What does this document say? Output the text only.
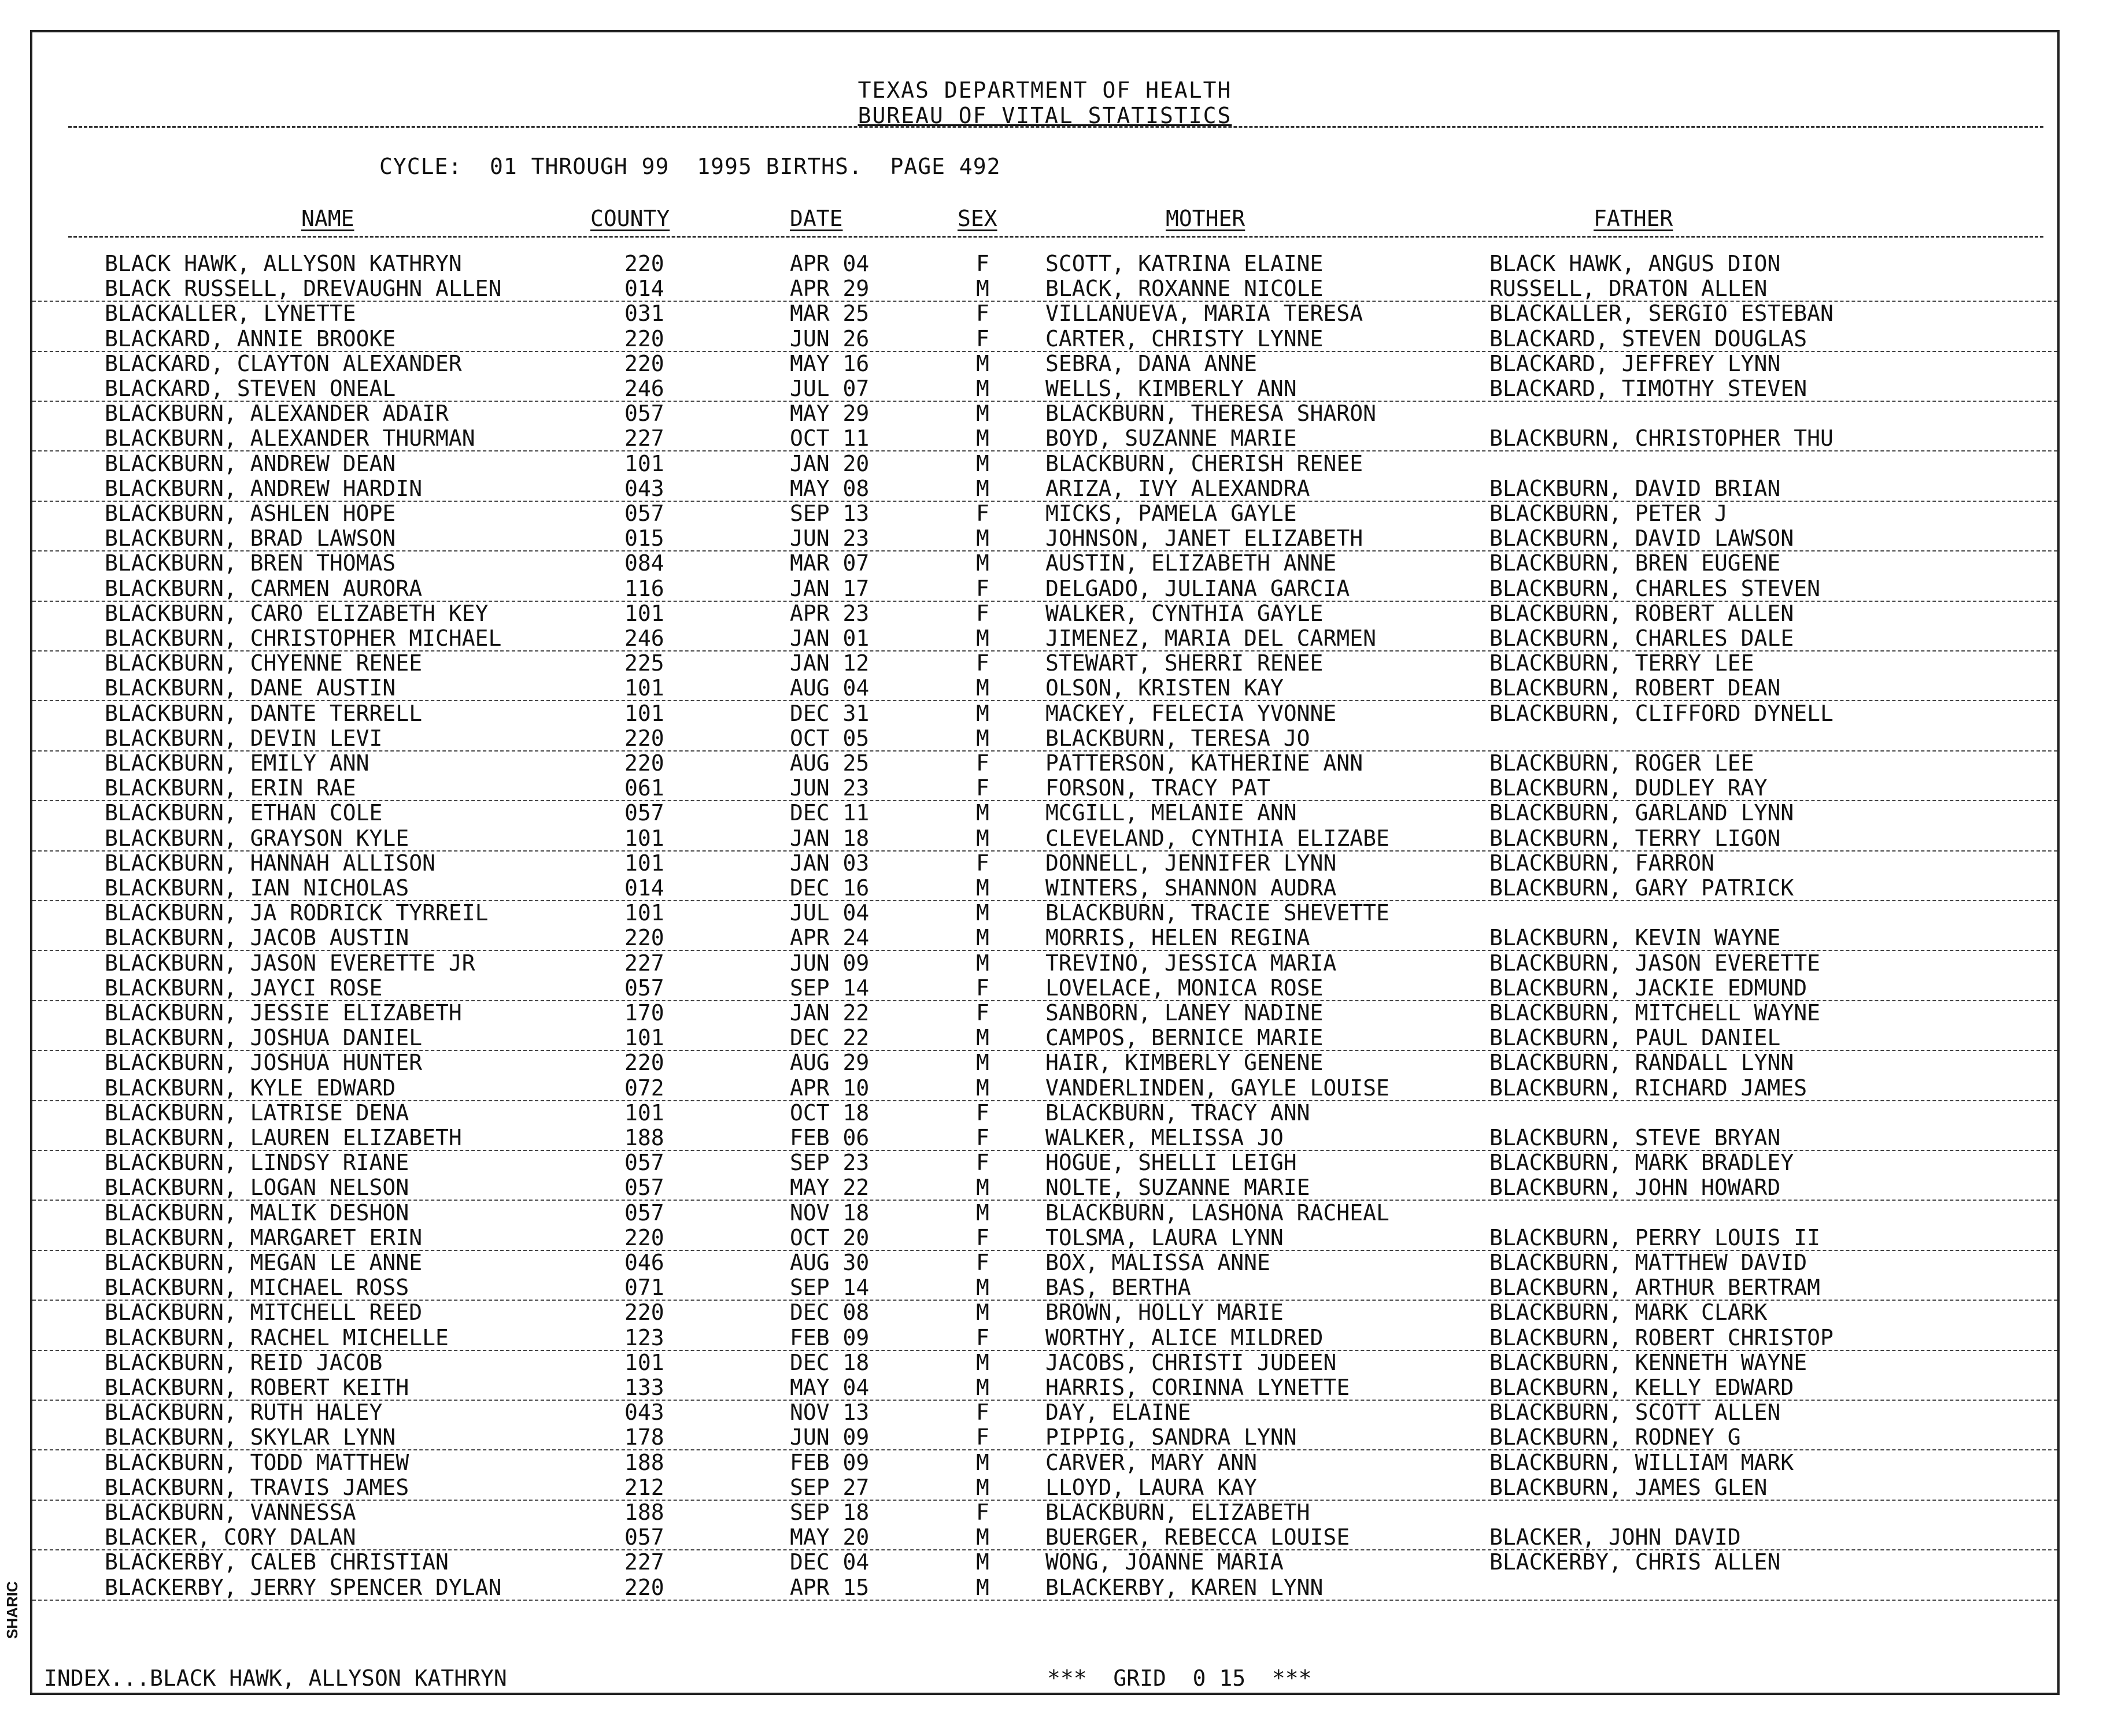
SHARIC
TEXAS DEPARTMENT OF HEALTH
BUREAU OF VITAL STATISTICS
CYCLE:  01 THROUGH 99  1995 BIRTHS.  PAGE 492
NAME	COUNTY	DATE	SEX	MOTHER	FATHER
BLACK HAWK, ALLYSON KATHRYN	220	APR 04	F	SCOTT, KATRINA ELAINE	BLACK HAWK, ANGUS DION
BLACK RUSSELL, DREVAUGHN ALLEN	014	APR 29	M	BLACK, ROXANNE NICOLE	RUSSELL, DRATON ALLEN
BLACKALLER, LYNETTE	031	MAR 25	F	VILLANUEVA, MARIA TERESA	BLACKALLER, SERGIO ESTEBAN
BLACKARD, ANNIE BROOKE	220	JUN 26	F	CARTER, CHRISTY LYNNE	BLACKARD, STEVEN DOUGLAS
BLACKARD, CLAYTON ALEXANDER	220	MAY 16	M	SEBRA, DANA ANNE	BLACKARD, JEFFREY LYNN
BLACKARD, STEVEN ONEAL	246	JUL 07	M	WELLS, KIMBERLY ANN	BLACKARD, TIMOTHY STEVEN
BLACKBURN, ALEXANDER ADAIR	057	MAY 29	M	BLACKBURN, THERESA SHARON
BLACKBURN, ALEXANDER THURMAN	227	OCT 11	M	BOYD, SUZANNE MARIE	BLACKBURN, CHRISTOPHER THU
BLACKBURN, ANDREW DEAN	101	JAN 20	M	BLACKBURN, CHERISH RENEE
BLACKBURN, ANDREW HARDIN	043	MAY 08	M	ARIZA, IVY ALEXANDRA	BLACKBURN, DAVID BRIAN
BLACKBURN, ASHLEN HOPE	057	SEP 13	F	MICKS, PAMELA GAYLE	BLACKBURN, PETER J
BLACKBURN, BRAD LAWSON	015	JUN 23	M	JOHNSON, JANET ELIZABETH	BLACKBURN, DAVID LAWSON
BLACKBURN, BREN THOMAS	084	MAR 07	M	AUSTIN, ELIZABETH ANNE	BLACKBURN, BREN EUGENE
BLACKBURN, CARMEN AURORA	116	JAN 17	F	DELGADO, JULIANA GARCIA	BLACKBURN, CHARLES STEVEN
BLACKBURN, CARO ELIZABETH KEY	101	APR 23	F	WALKER, CYNTHIA GAYLE	BLACKBURN, ROBERT ALLEN
BLACKBURN, CHRISTOPHER MICHAEL	246	JAN 01	M	JIMENEZ, MARIA DEL CARMEN	BLACKBURN, CHARLES DALE
BLACKBURN, CHYENNE RENEE	225	JAN 12	F	STEWART, SHERRI RENEE	BLACKBURN, TERRY LEE
BLACKBURN, DANE AUSTIN	101	AUG 04	M	OLSON, KRISTEN KAY	BLACKBURN, ROBERT DEAN
BLACKBURN, DANTE TERRELL	101	DEC 31	M	MACKEY, FELECIA YVONNE	BLACKBURN, CLIFFORD DYNELL
BLACKBURN, DEVIN LEVI	220	OCT 05	M	BLACKBURN, TERESA JO
BLACKBURN, EMILY ANN	220	AUG 25	F	PATTERSON, KATHERINE ANN	BLACKBURN, ROGER LEE
BLACKBURN, ERIN RAE	061	JUN 23	F	FORSON, TRACY PAT	BLACKBURN, DUDLEY RAY
BLACKBURN, ETHAN COLE	057	DEC 11	M	MCGILL, MELANIE ANN	BLACKBURN, GARLAND LYNN
BLACKBURN, GRAYSON KYLE	101	JAN 18	M	CLEVELAND, CYNTHIA ELIZABE	BLACKBURN, TERRY LIGON
BLACKBURN, HANNAH ALLISON	101	JAN 03	F	DONNELL, JENNIFER LYNN	BLACKBURN, FARRON
BLACKBURN, IAN NICHOLAS	014	DEC 16	M	WINTERS, SHANNON AUDRA	BLACKBURN, GARY PATRICK
BLACKBURN, JA RODRICK TYRREIL	101	JUL 04	M	BLACKBURN, TRACIE SHEVETTE
BLACKBURN, JACOB AUSTIN	220	APR 24	M	MORRIS, HELEN REGINA	BLACKBURN, KEVIN WAYNE
BLACKBURN, JASON EVERETTE JR	227	JUN 09	M	TREVINO, JESSICA MARIA	BLACKBURN, JASON EVERETTE
BLACKBURN, JAYCI ROSE	057	SEP 14	F	LOVELACE, MONICA ROSE	BLACKBURN, JACKIE EDMUND
BLACKBURN, JESSIE ELIZABETH	170	JAN 22	F	SANBORN, LANEY NADINE	BLACKBURN, MITCHELL WAYNE
BLACKBURN, JOSHUA DANIEL	101	DEC 22	M	CAMPOS, BERNICE MARIE	BLACKBURN, PAUL DANIEL
BLACKBURN, JOSHUA HUNTER	220	AUG 29	M	HAIR, KIMBERLY GENENE	BLACKBURN, RANDALL LYNN
BLACKBURN, KYLE EDWARD	072	APR 10	M	VANDERLINDEN, GAYLE LOUISE	BLACKBURN, RICHARD JAMES
BLACKBURN, LATRISE DENA	101	OCT 18	F	BLACKBURN, TRACY ANN
BLACKBURN, LAUREN ELIZABETH	188	FEB 06	F	WALKER, MELISSA JO	BLACKBURN, STEVE BRYAN
BLACKBURN, LINDSY RIANE	057	SEP 23	F	HOGUE, SHELLI LEIGH	BLACKBURN, MARK BRADLEY
BLACKBURN, LOGAN NELSON	057	MAY 22	M	NOLTE, SUZANNE MARIE	BLACKBURN, JOHN HOWARD
BLACKBURN, MALIK DESHON	057	NOV 18	M	BLACKBURN, LASHONA RACHEAL
BLACKBURN, MARGARET ERIN	220	OCT 20	F	TOLSMA, LAURA LYNN	BLACKBURN, PERRY LOUIS II
BLACKBURN, MEGAN LE ANNE	046	AUG 30	F	BOX, MALISSA ANNE	BLACKBURN, MATTHEW DAVID
BLACKBURN, MICHAEL ROSS	071	SEP 14	M	BAS, BERTHA	BLACKBURN, ARTHUR BERTRAM
BLACKBURN, MITCHELL REED	220	DEC 08	M	BROWN, HOLLY MARIE	BLACKBURN, MARK CLARK
BLACKBURN, RACHEL MICHELLE	123	FEB 09	F	WORTHY, ALICE MILDRED	BLACKBURN, ROBERT CHRISTOP
BLACKBURN, REID JACOB	101	DEC 18	M	JACOBS, CHRISTI JUDEEN	BLACKBURN, KENNETH WAYNE
BLACKBURN, ROBERT KEITH	133	MAY 04	M	HARRIS, CORINNA LYNETTE	BLACKBURN, KELLY EDWARD
BLACKBURN, RUTH HALEY	043	NOV 13	F	DAY, ELAINE	BLACKBURN, SCOTT ALLEN
BLACKBURN, SKYLAR LYNN	178	JUN 09	F	PIPPIG, SANDRA LYNN	BLACKBURN, RODNEY G
BLACKBURN, TODD MATTHEW	188	FEB 09	M	CARVER, MARY ANN	BLACKBURN, WILLIAM MARK
BLACKBURN, TRAVIS JAMES	212	SEP 27	M	LLOYD, LAURA KAY	BLACKBURN, JAMES GLEN
BLACKBURN, VANNESSA	188	SEP 18	F	BLACKBURN, ELIZABETH
BLACKER, CORY DALAN	057	MAY 20	M	BUERGER, REBECCA LOUISE	BLACKER, JOHN DAVID
BLACKERBY, CALEB CHRISTIAN	227	DEC 04	M	WONG, JOANNE MARIA	BLACKERBY, CHRIS ALLEN
BLACKERBY, JERRY SPENCER DYLAN	220	APR 15	M	BLACKERBY, KAREN LYNN
INDEX...BLACK HAWK, ALLYSON KATHRYN	***  GRID  0 15  ***
